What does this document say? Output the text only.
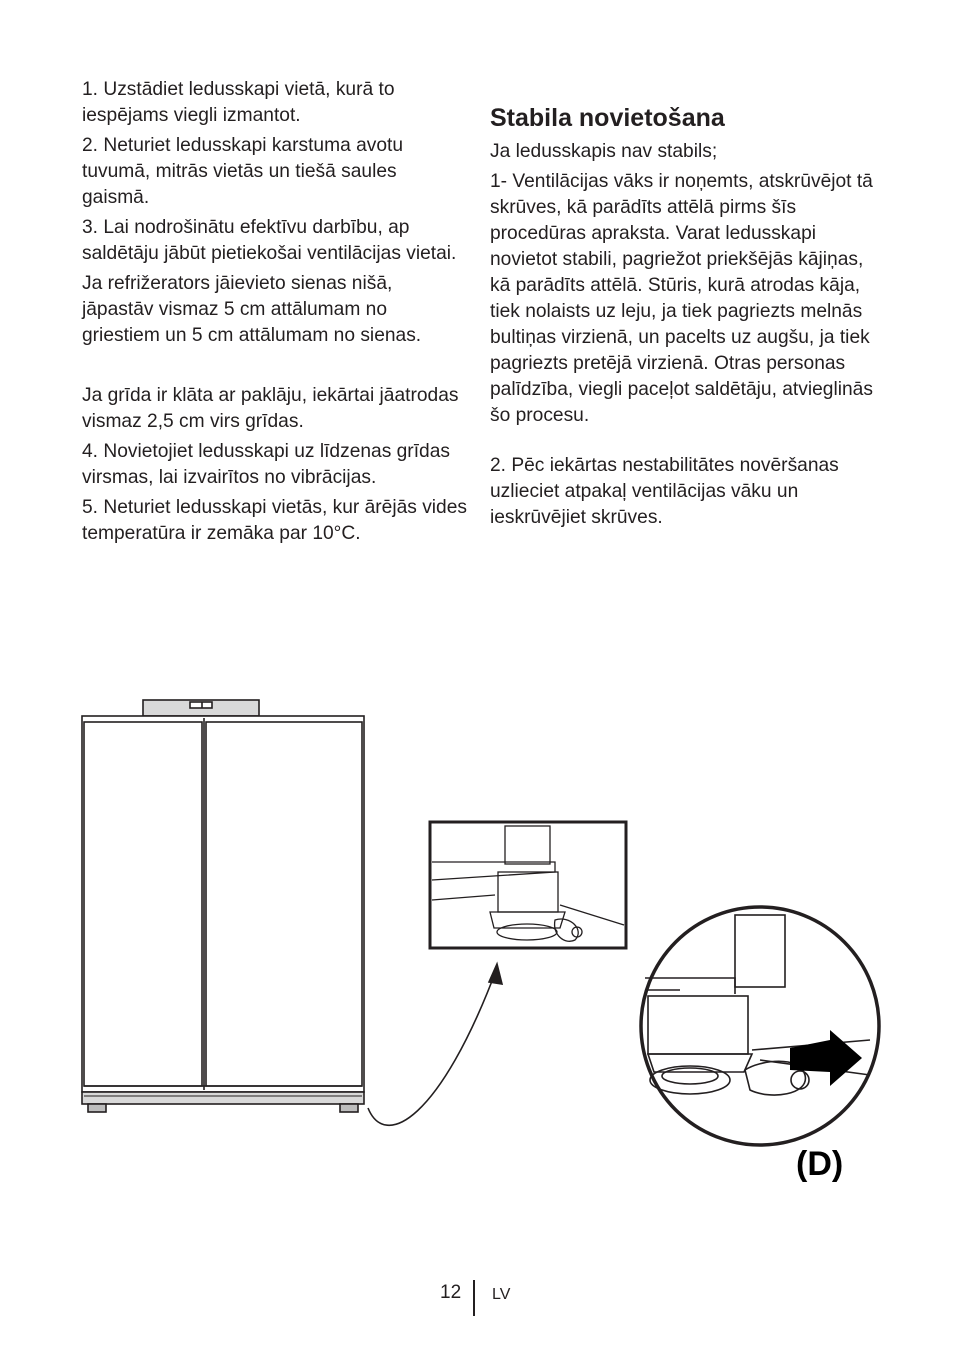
1. Uzstādiet ledusskapi vietā, kurā to iespējams viegli izmantot.

2. Neturiet ledusskapi karstuma avotu tuvumā, mitrās vietās un tiešā saules gaismā.

3. Lai nodrošinātu efektīvu darbību, ap saldētāju jābūt pietiekošai ventilācijas vietai.

Ja refrižerators jāievieto sienas nišā, jāpastāv vismaz 5 cm attālumam no griestiem un 5 cm attālumam no sienas.

Ja grīda ir klāta ar paklāju, iekārtai jāatrodas vismaz 2,5 cm virs grīdas.

4. Novietojiet ledusskapi uz līdzenas grīdas virsmas, lai izvairītos no vibrācijas.

5. Neturiet ledusskapi vietās, kur ārējās vides temperatūra ir zemāka par 10°C.

Stabila novietošana

Ja ledusskapis nav stabils;

1- Ventilācijas vāks ir noņemts, atskrūvējot tā skrūves, kā parādīts attēlā pirms šīs procedūras apraksta. Varat ledusskapi novietot stabili, pagriežot priekšējās kājiņas, kā parādīts attēlā. Stūris, kurā atrodas kāja, tiek nolaists uz leju, ja tiek pagriezts melnās bultiņas virzienā, un pacelts uz augšu, ja tiek pagriezts pretējā virzienā. Otras personas palīdzība, viegli paceļot saldētāju, atvieglinās šo procesu.

2. Pēc iekārtas nestabilitātes novēršanas uzlieciet atpakaļ ventilācijas vāku un ieskrūvējiet skrūves.

(D)
12 LV
